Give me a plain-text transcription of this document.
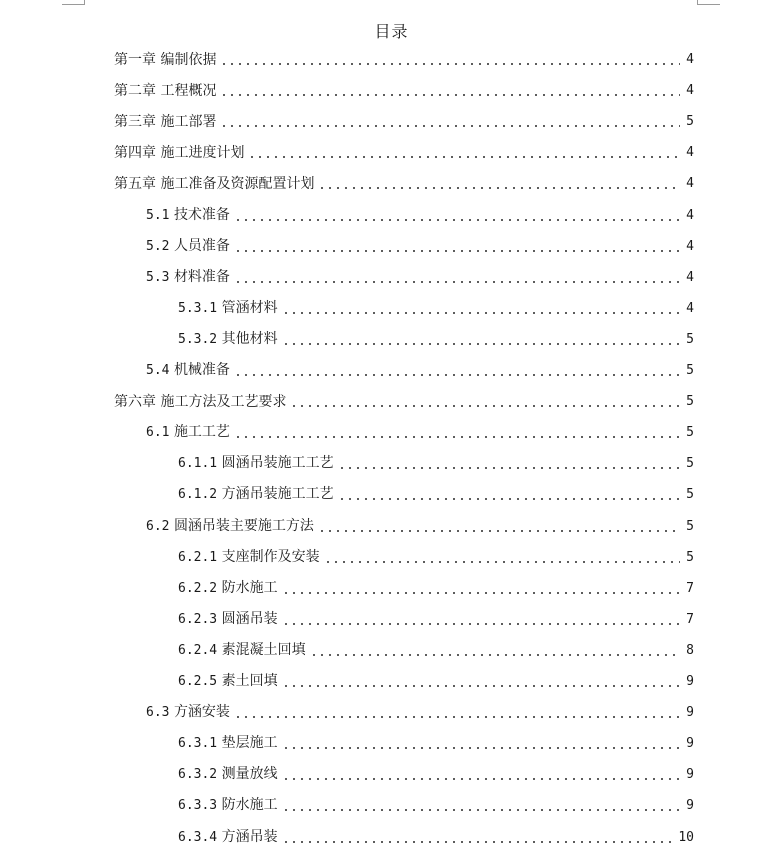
目录
第一章 编制依据	4
第二章 工程概况	4
第三章 施工部署	5
第四章 施工进度计划	4
第五章 施工准备及资源配置计划	4
5.1 技术准备	4
5.2 人员准备	4
5.3 材料准备	4
5.3.1 管涵材料	4
5.3.2 其他材料	5
5.4 机械准备	5
第六章 施工方法及工艺要求	5
6.1 施工工艺	5
6.1.1 圆涵吊装施工工艺	5
6.1.2 方涵吊装施工工艺	5
6.2 圆涵吊装主要施工方法	5
6.2.1 支座制作及安装	5
6.2.2 防水施工	7
6.2.3 圆涵吊装	7
6.2.4 素混凝土回填	8
6.2.5 素土回填	9
6.3 方涵安装	9
6.3.1 垫层施工	9
6.3.2 测量放线	9
6.3.3 防水施工	9
6.3.4 方涵吊装	10
